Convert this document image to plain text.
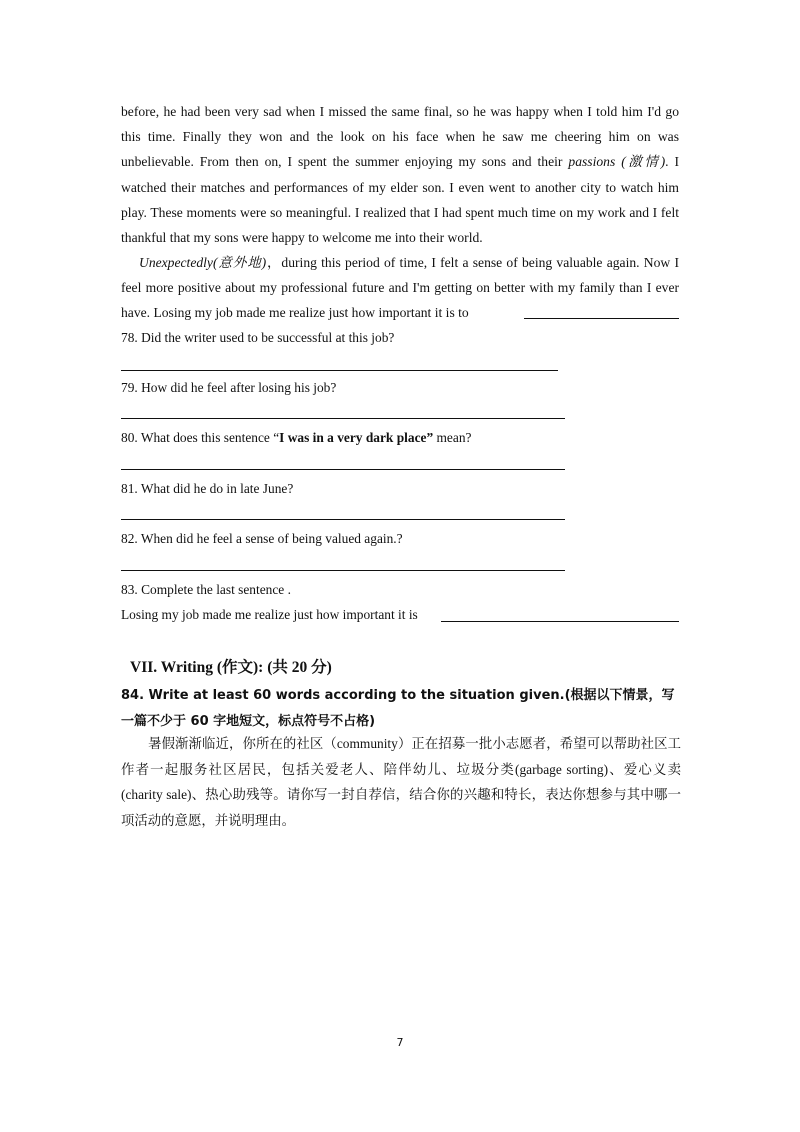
before, he had been very sad when I missed the same final, so he was happy when I told him I'd go this time. Finally they won and the look on his face when he saw me cheering him on was unbelievable. From then on, I spent the summer enjoying my sons and their passions (激情). I watched their matches and performances of my elder son. I even went to another city to watch him play. These moments were so meaningful. I realized that I had spent much time on my work and I felt thankful that my sons were happy to welcome me into their world.
Unexpectedly(意外地)，during this period of time, I felt a sense of being valuable again. Now I feel more positive about my professional future and I'm getting on better with my family than I ever have. Losing my job made me realize just how important it is to
78. Did the writer used to be successful at this job?
79. How did he feel after losing his job?
80. What does this sentence “I was in a very dark place” mean?
81. What did he do in late June?
82. When did he feel a sense of being valued again.?
83. Complete the last sentence .
Losing my job made me realize just how important it is
VII. Writing (作文): (共 20 分)
84. Write at least 60 words according to the situation given.(根据以下情景，写一篇不少于 60 字地短文，标点符号不占格)
暑假渐渐临近，你所在的社区（community）正在招募一批小志愿者，希望可以帮助社区工作者一起服务社区居民，包括关爱老人、陪伴幼儿、垃圾分类(garbage sorting)、爱心义卖(charity sale)、热心助残等。请你写一封自荐信，结合你的兴趣和特长，表达你想参与其中哪一项活动的意愿，并说明理由。
7
